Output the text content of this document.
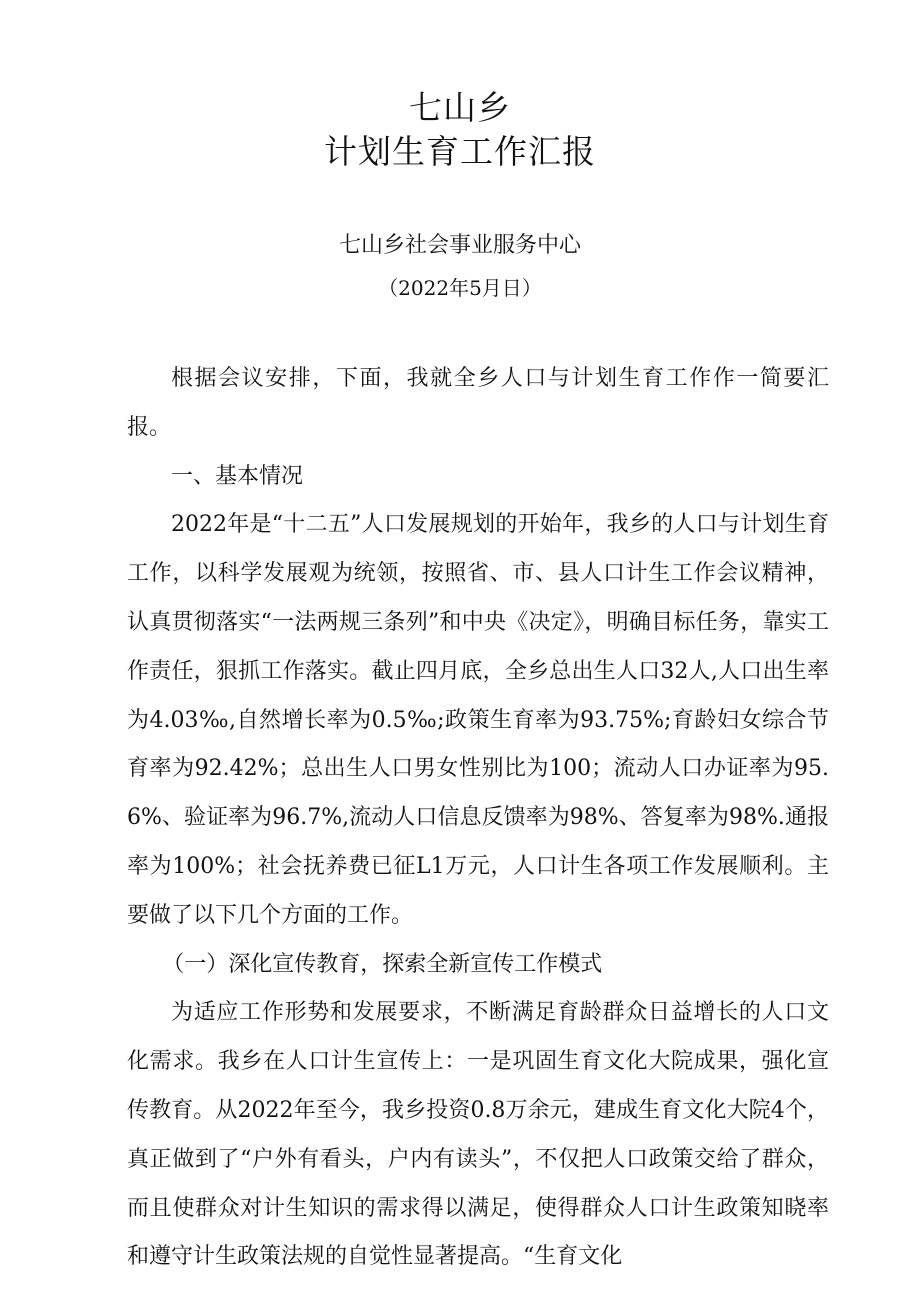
七山乡
计划生育工作汇报

七山乡社会事业服务中心

（2022年5月日）

根据会议安排，下面，我就全乡人口与计划生育工作作一简要汇报。

一、基本情况

2022年是“十二五”人口发展规划的开始年，我乡的人口与计划生育工作，以科学发展观为统领，按照省、市、县人口计生工作会议精神，认真贯彻落实“一法两规三条列”和中央《决定》，明确目标任务，靠实工作责任，狠抓工作落实。截止四月底，全乡总出生人口32人,人口出生率为4.03‰,自然增长率为0.5‰;政策生育率为93.75%;育龄妇女综合节育率为92.42%；总出生人口男女性别比为100；流动人口办证率为95.6%、验证率为96.7%,流动人口信息反馈率为98%、答复率为98%.通报率为100%；社会抚养费已征L1万元，人口计生各项工作发展顺利。主要做了以下几个方面的工作。

（一）深化宣传教育，探索全新宣传工作模式

为适应工作形势和发展要求，不断满足育龄群众日益增长的人口文化需求。我乡在人口计生宣传上：一是巩固生育文化大院成果，强化宣传教育。从2022年至今，我乡投资0.8万余元，建成生育文化大院4个，真正做到了“户外有看头，户内有读头”，不仅把人口政策交给了群众，而且使群众对计生知识的需求得以满足，使得群众人口计生政策知晓率和遵守计生政策法规的自觉性显著提高。“生育文化
